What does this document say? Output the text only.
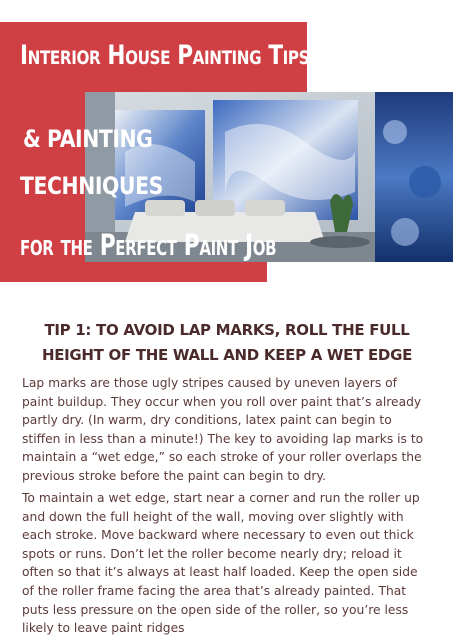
Interior House Painting Tips
& PAINTING
TECHNIQUES
for the Perfect Paint Job
TIP 1: TO AVOID LAP MARKS, ROLL THE FULL HEIGHT OF THE WALL AND KEEP A WET EDGE

Lap marks are those ugly stripes caused by uneven layers of paint buildup. They occur when you roll over paint that’s already partly dry. (In warm, dry conditions, latex paint can begin to stiffen in less than a minute!) The key to avoiding lap marks is to maintain a “wet edge,” so each stroke of your roller overlaps the previous stroke before the paint can begin to dry.

To maintain a wet edge, start near a corner and run the roller up and down the full height of the wall, moving over slightly with each stroke. Move backward where necessary to even out thick spots or runs. Don’t let the roller become nearly dry; reload it often so that it’s always at least half loaded. Keep the open side of the roller frame facing the area that’s already painted. That puts less pressure on the open side of the roller, so you’re less likely to leave paint ridges
